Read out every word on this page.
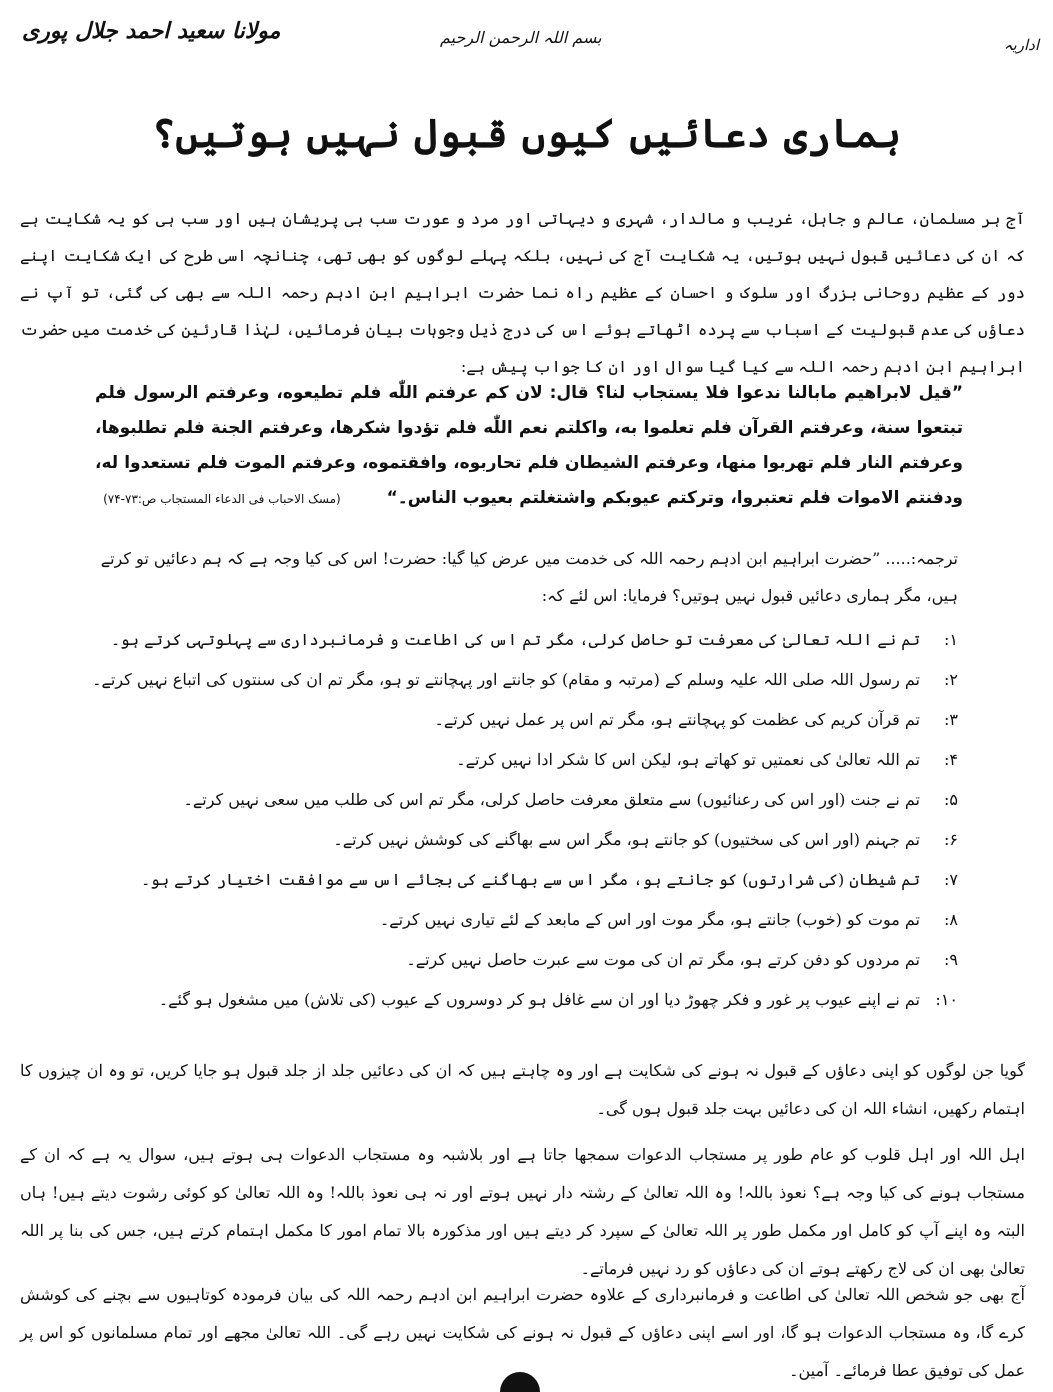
مولانا سعید احمد جلال پوری	بسم اللہ الرحمن الرحیم	اداریہ
ہماری دعائیں کیوں قبول نہیں ہوتیں؟
آج ہر مسلمان، عالم و جاہل، غریب و مالدار، شہری و دیہاتی اور مرد و عورت سب ہی پریشان ہیں اور سب ہی کو یہ شکایت ہے کہ ان کی دعائیں قبول نہیں ہوتیں، یہ شکایت آج کی نہیں، بلکہ پہلے لوگوں کو بھی تھی، چنانچہ اسی طرح کی ایک شکایت اپنے دور کے عظیم روحانی بزرگ اور سلوک و احسان کے عظیم راہ نما حضرت ابراہیم ابن ادہم رحمہ اللہ سے بھی کی گئی، تو آپ نے دعاؤں کی عدم قبولیت کے اسباب سے پردہ اٹھاتے ہوئے اس کی درج ذیل وجوہات بیان فرمائیں، لہٰذا قارئین کی خدمت میں حضرت ابراہیم ابن ادہم رحمہ اللہ سے کیا گیا سوال اور ان کا جواب پیش ہے:
”قیل لابراهیم مابالنا ندعوا فلا یستجاب لنا؟ قال: لان کم عرفتم اللّٰه فلم تطیعوه، وعرفتم الرسول فلم تبتعوا سنة، وعرفتم القرآن فلم تعلموا به، واکلتم نعم اللّٰه فلم تؤدوا شکرها، وعرفتم الجنة فلم تطلبوها، وعرفتم النار فلم تهربوا منها، وعرفتم الشیطان فلم تحاربوه، وافقتموه، وعرفتم الموت فلم تستعدوا له، ودفنتم الاموات فلم تعتبروا، وترکتم عیوبکم واشتغلتم بعیوب الناس۔“ (مسک الاحباب فی الدعاء المستجاب ص:۷۳-۷۴)
ترجمہ:..... ”حضرت ابراہیم ابن ادہم رحمہ اللہ کی خدمت میں عرض کیا گیا: حضرت! اس کی کیا وجہ ہے کہ ہم دعائیں تو کرتے ہیں، مگر ہماری دعائیں قبول نہیں ہوتیں؟ فرمایا: اس لئے کہ:
۱:تم نے اللہ تعالیٰ کی معرفت تو حاصل کرلی، مگر تم اس کی اطاعت و فرمانبرداری سے پہلوتہی کرتے ہو۔
۲:تم رسول اللہ صلی اللہ علیہ وسلم کے (مرتبہ و مقام) کو جانتے اور پہچانتے تو ہو، مگر تم ان کی سنتوں کی اتباع نہیں کرتے۔
۳:تم قرآن کریم کی عظمت کو پہچانتے ہو، مگر تم اس پر عمل نہیں کرتے۔
۴:تم اللہ تعالیٰ کی نعمتیں تو کھاتے ہو، لیکن اس کا شکر ادا نہیں کرتے۔
۵:تم نے جنت (اور اس کی رعنائیوں) سے متعلق معرفت حاصل کرلی، مگر تم اس کی طلب میں سعی نہیں کرتے۔
۶:تم جہنم (اور اس کی سختیوں) کو جانتے ہو، مگر اس سے بھاگنے کی کوشش نہیں کرتے۔
۷:تم شیطان (کی شرارتوں) کو جانتے ہو، مگر اس سے بھاگنے کی بجائے اس سے موافقت اختیار کرتے ہو۔
۸:تم موت کو (خوب) جانتے ہو، مگر موت اور اس کے مابعد کے لئے تیاری نہیں کرتے۔
۹:تم مردوں کو دفن کرتے ہو، مگر تم ان کی موت سے عبرت حاصل نہیں کرتے۔
۱۰:تم نے اپنے عیوب پر غور و فکر چھوڑ دیا اور ان سے غافل ہو کر دوسروں کے عیوب (کی تلاش) میں مشغول ہو گئے۔
گویا جن لوگوں کو اپنی دعاؤں کے قبول نہ ہونے کی شکایت ہے اور وہ چاہتے ہیں کہ ان کی دعائیں جلد از جلد قبول ہو جایا کریں، تو وہ ان چیزوں کا اہتمام رکھیں، انشاء اللہ ان کی دعائیں بہت جلد قبول ہوں گی۔
اہل اللہ اور اہل قلوب کو عام طور پر مستجاب الدعوات سمجھا جاتا ہے اور بلاشبہ وہ مستجاب الدعوات ہی ہوتے ہیں، سوال یہ ہے کہ ان کے مستجاب ہونے کی کیا وجہ ہے؟ نعوذ باللہ! وہ اللہ تعالیٰ کے رشتہ دار نہیں ہوتے اور نہ ہی نعوذ باللہ! وہ اللہ تعالیٰ کو کوئی رشوت دیتے ہیں! ہاں البتہ وہ اپنے آپ کو کامل اور مکمل طور پر اللہ تعالیٰ کے سپرد کر دیتے ہیں اور مذکورہ بالا تمام امور کا مکمل اہتمام کرتے ہیں، جس کی بنا پر اللہ تعالیٰ بھی ان کی لاج رکھتے ہوتے ان کی دعاؤں کو رد نہیں فرماتے۔
آج بھی جو شخص اللہ تعالیٰ کی اطاعت و فرمانبرداری کے علاوہ حضرت ابراہیم ابن ادہم رحمہ اللہ کی بیان فرمودہ کوتاہیوں سے بچنے کی کوشش کرے گا، وہ مستجاب الدعوات ہو گا، اور اسے اپنی دعاؤں کے قبول نہ ہونے کی شکایت نہیں رہے گی۔ اللہ تعالیٰ مجھے اور تمام مسلمانوں کو اس پر عمل کی توفیق عطا فرمائے۔ آمین۔
